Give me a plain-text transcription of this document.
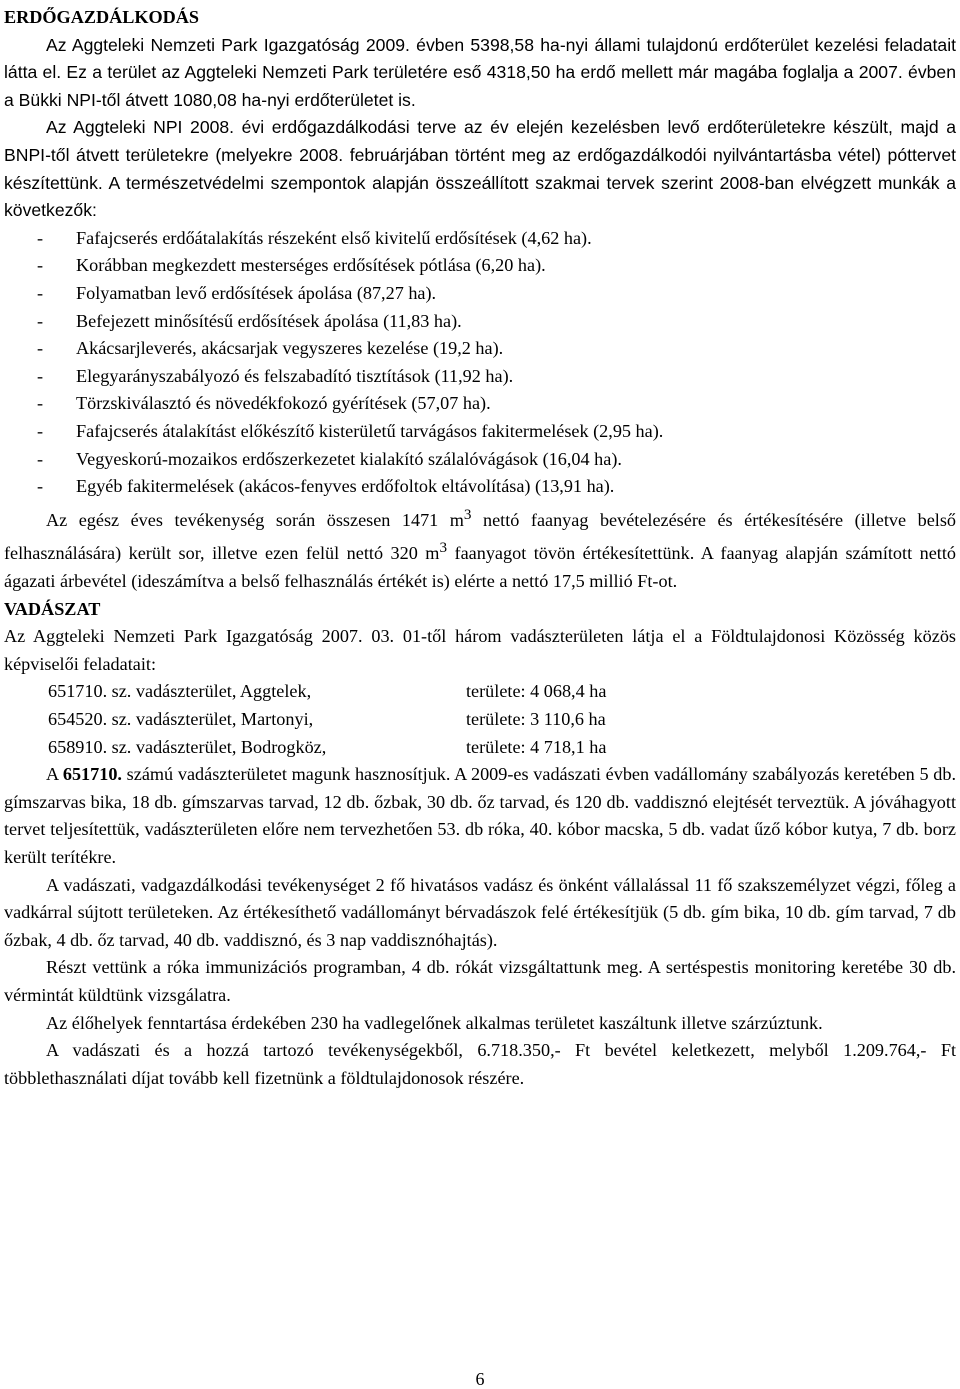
ERDŐGAZDÁLKODÁS

Az Aggteleki Nemzeti Park Igazgatóság 2009. évben 5398,58 ha-nyi állami tulajdonú erdőterület kezelési feladatait látta el. Ez a terület az Aggteleki Nemzeti Park területére eső 4318,50 ha erdő mellett már magába foglalja a 2007. évben a Bükki NPI-től átvett 1080,08 ha-nyi erdőterületet is.

Az Aggteleki NPI 2008. évi erdőgazdálkodási terve az év elején kezelésben levő erdőterületekre készült, majd a BNPI-től átvett területekre (melyekre 2008. februárjában történt meg az erdőgazdálkodói nyilvántartásba vétel) póttervet készítettünk. A természetvédelmi szempontok alapján összeállított szakmai tervek szerint 2008-ban elvégzett munkák a következők:

- Fafajcserés erdőátalakítás részeként első kivitelű erdősítések (4,62 ha).
- Korábban megkezdett mesterséges erdősítések pótlása (6,20 ha).
- Folyamatban levő erdősítések ápolása (87,27 ha).
- Befejezett minősítésű erdősítések ápolása (11,83 ha).
- Akácsarjleverés, akácsarjak vegyszeres kezelése (19,2 ha).
- Elegyarányszabályozó és felszabadító tisztítások (11,92 ha).
- Törzskiválasztó és növedékfokozó gyérítések (57,07 ha).
- Fafajcserés átalakítást előkészítő kisterületű tarvágásos fakitermelések (2,95 ha).
- Vegyeskorú-mozaikos erdőszerkezetet kialakító szálalóvágások (16,04 ha).
- Egyéb fakitermelések (akácos-fenyves erdőfoltok eltávolítása) (13,91 ha).

Az egész éves tevékenység során összesen 1471 $m^3$ nettó faanyag bevételezésére és értékesítésére (illetve belső felhasználására) került sor, illetve ezen felül nettó 320 $m^3$ faanyagot tövön értékesítettünk. A faanyag alapján számított nettó ágazati árbevétel (ideszámítva a belső felhasználás értékét is) elérte a nettó 17,5 millió Ft-ot.

VADÁSZAT

Az Aggteleki Nemzeti Park Igazgatóság 2007. 03. 01-től három vadászterületen látja el a Földtulajdonosi Közösség közös képviselői feladatait:

651710. sz. vadászterület, Aggtelek,	területe: 4 068,4 ha
654520. sz. vadászterület, Martonyi,	területe: 3 110,6 ha
658910. sz. vadászterület, Bodrogköz,	területe: 4 718,1 ha

A 651710. számú vadászterületet magunk hasznosítjuk. A 2009-es vadászati évben vadállomány szabályozás keretében 5 db. gímszarvas bika, 18 db. gímszarvas tarvad, 12 db. őzbak, 30 db. őz tarvad, és 120 db. vaddisznó elejtését terveztük. A jóváhagyott tervet teljesítettük, vadászterületen előre nem tervezhetően 53. db róka, 40. kóbor macska, 5 db. vadat űző kóbor kutya, 7 db. borz került terítékre.

A vadászati, vadgazdálkodási tevékenységet 2 fő hivatásos vadász és önként vállalással 11 fő szakszemélyzet végzi, főleg a vadkárral sújtott területeken. Az értékesíthető vadállományt bérvadászok felé értékesítjük (5 db. gím bika, 10 db. gím tarvad, 7 db őzbak, 4 db. őz tarvad, 40 db. vaddisznó, és 3 nap vaddisznóhajtás).

Részt vettünk a róka immunizációs programban, 4 db. rókát vizsgáltattunk meg. A sertéspestis monitoring keretébe 30 db. vérmintát küldtünk vizsgálatra.

Az élőhelyek fenntartása érdekében 230 ha vadlegelőnek alkalmas területet kaszáltunk illetve szárzúztunk.

A vadászati és a hozzá tartozó tevékenységekből, 6.718.350,- Ft bevétel keletkezett, melyből 1.209.764,- Ft többlethasználati díjat tovább kell fizetnünk a földtulajdonosok részére.

6
